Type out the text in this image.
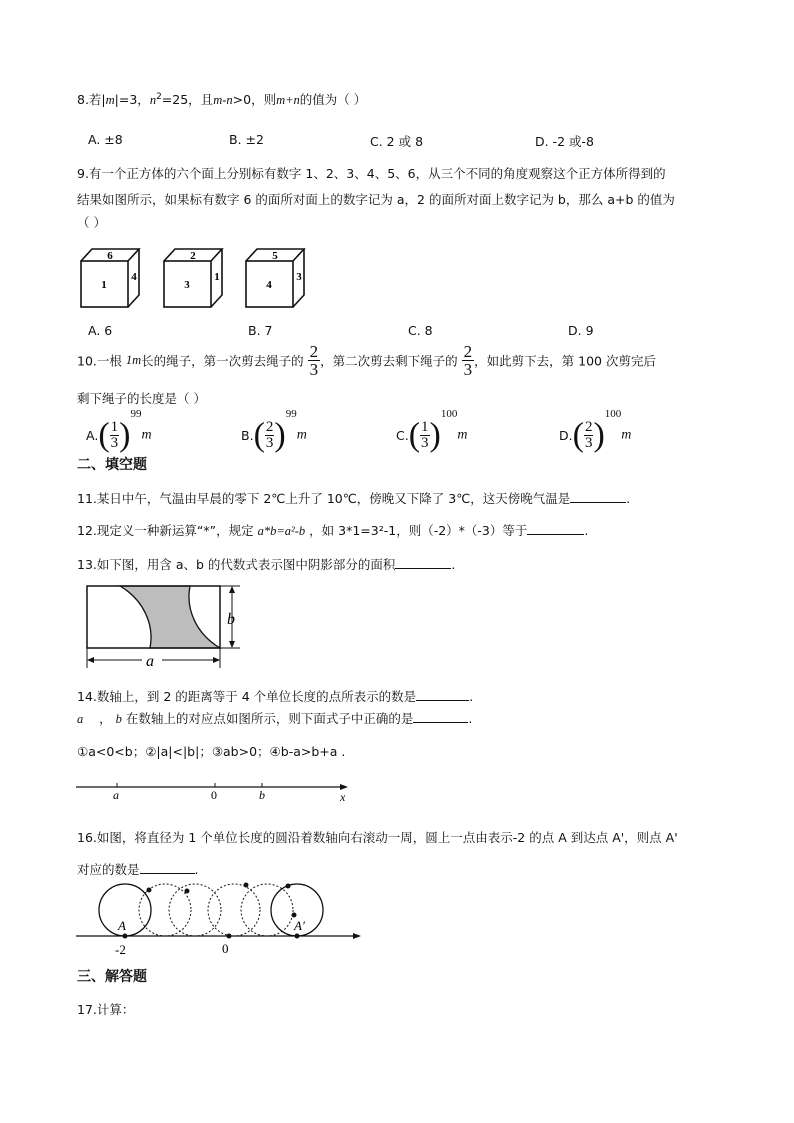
8.若|m|=3，$n^2=25$，且m-n>0，则m+n的值为（ ）
A. ±8	B. ±2	C. 2 或 8	D. -2 或-8
9.有一个正方体的六个面上分别标有数字 1、2、3、4、5、6，从三个不同的角度观察这个正方体所得到的
结果如图所示，如果标有数字 6 的面所对面上的数字记为 a，2 的面所对面上数字记为 b，那么 a+b 的值为
（ ）
6
1
4
2
3
1
5
4
3
A. 6	B. 7	C. 8	D. 9
10.一根 1m长的绳子，第一次剪去绳子的 $\frac{2}{3}$ ，第二次剪去剩下绳子的 $\frac{2}{3}$ ，如此剪下去，第 100 次剪完后
剩下绳子的长度是（ ）
$A.( \frac{1}{3} )99m$	$B.( \frac{2}{3} )99m$	$C.( \frac{1}{3} )100m$	$D.( \frac{2}{3} )100m$
二、填空题
11.某日中午，气温由早晨的零下 2℃上升了 10℃，傍晚又下降了 3℃，这天傍晚气温是	.
12.现定义一种新运算“*”，规定 a*b=a²-b ，如 3*1=3²-1，则（-2）*（-3）等于	.
13.如下图，用含 a、b 的代数式表示图中阴影部分的面积	.
b
a
14.数轴上，到 2 的距离等于 4 个单位长度的点所表示的数是	.
a    ， b 在数轴上的对应点如图所示，则下面式子中正确的是	.
①a<0<b；②|a|<|b|；③ab>0；④b-a>b+a .
a	0	b	x
16.如图，将直径为 1 个单位长度的圆沿着数轴向右滚动一周，圆上一点由表示-2 的点 A 到达点 A'，则点 A'
对应的数是	.
A	A'
-2	0
三、解答题
17.计算：
